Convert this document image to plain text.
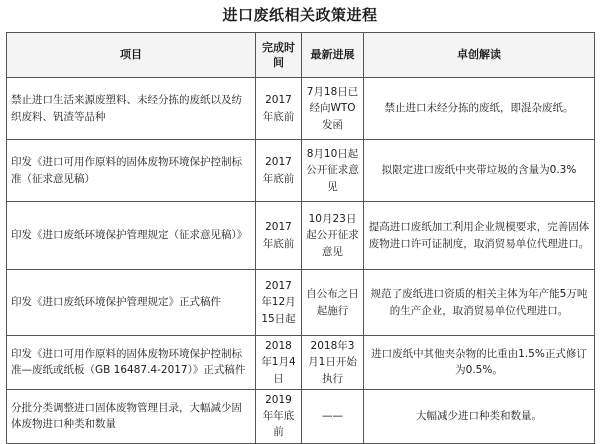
进口废纸相关政策进程
项目	完成时间	最新进展	卓创解读
禁止进口生活来源废塑料、未经分拣的废纸以及纺织废料、钒渣等品种	2017年底前	7月18日已经向WTO发函	禁止进口未经分拣的废纸，即混杂废纸。
印发《进口可用作原料的固体废物环境保护控制标准（征求意见稿）	2017年底前	8月10日起公开征求意见	拟限定进口废纸中夹带垃圾的含量为0.3%
印发《进口废纸环境保护管理规定（征求意见稿）》	2017年底前	10月23日起公开征求意见	提高进口废纸加工利用企业规模要求，完善固体废物进口许可证制度，取消贸易单位代理进口。
印发《进口废纸环境保护管理规定》正式稿件	2017年12月15日起	自公布之日起施行	规范了废纸进口资质的相关主体为年产能5万吨的生产企业，取消贸易单位代理进口。
印发《进口可用作原料的固体废物环境保护控制标准—废纸或纸板（GB 16487.4-2017）》正式稿件	2018年1月4日	2018年3月1日开始执行	进口废纸中其他夹杂物的比重由1.5%正式修订为0.5%。
分批分类调整进口固体废物管理目录，大幅减少固体废物进口种类和数量	2019年年底前	——	大幅减少进口种类和数量。
